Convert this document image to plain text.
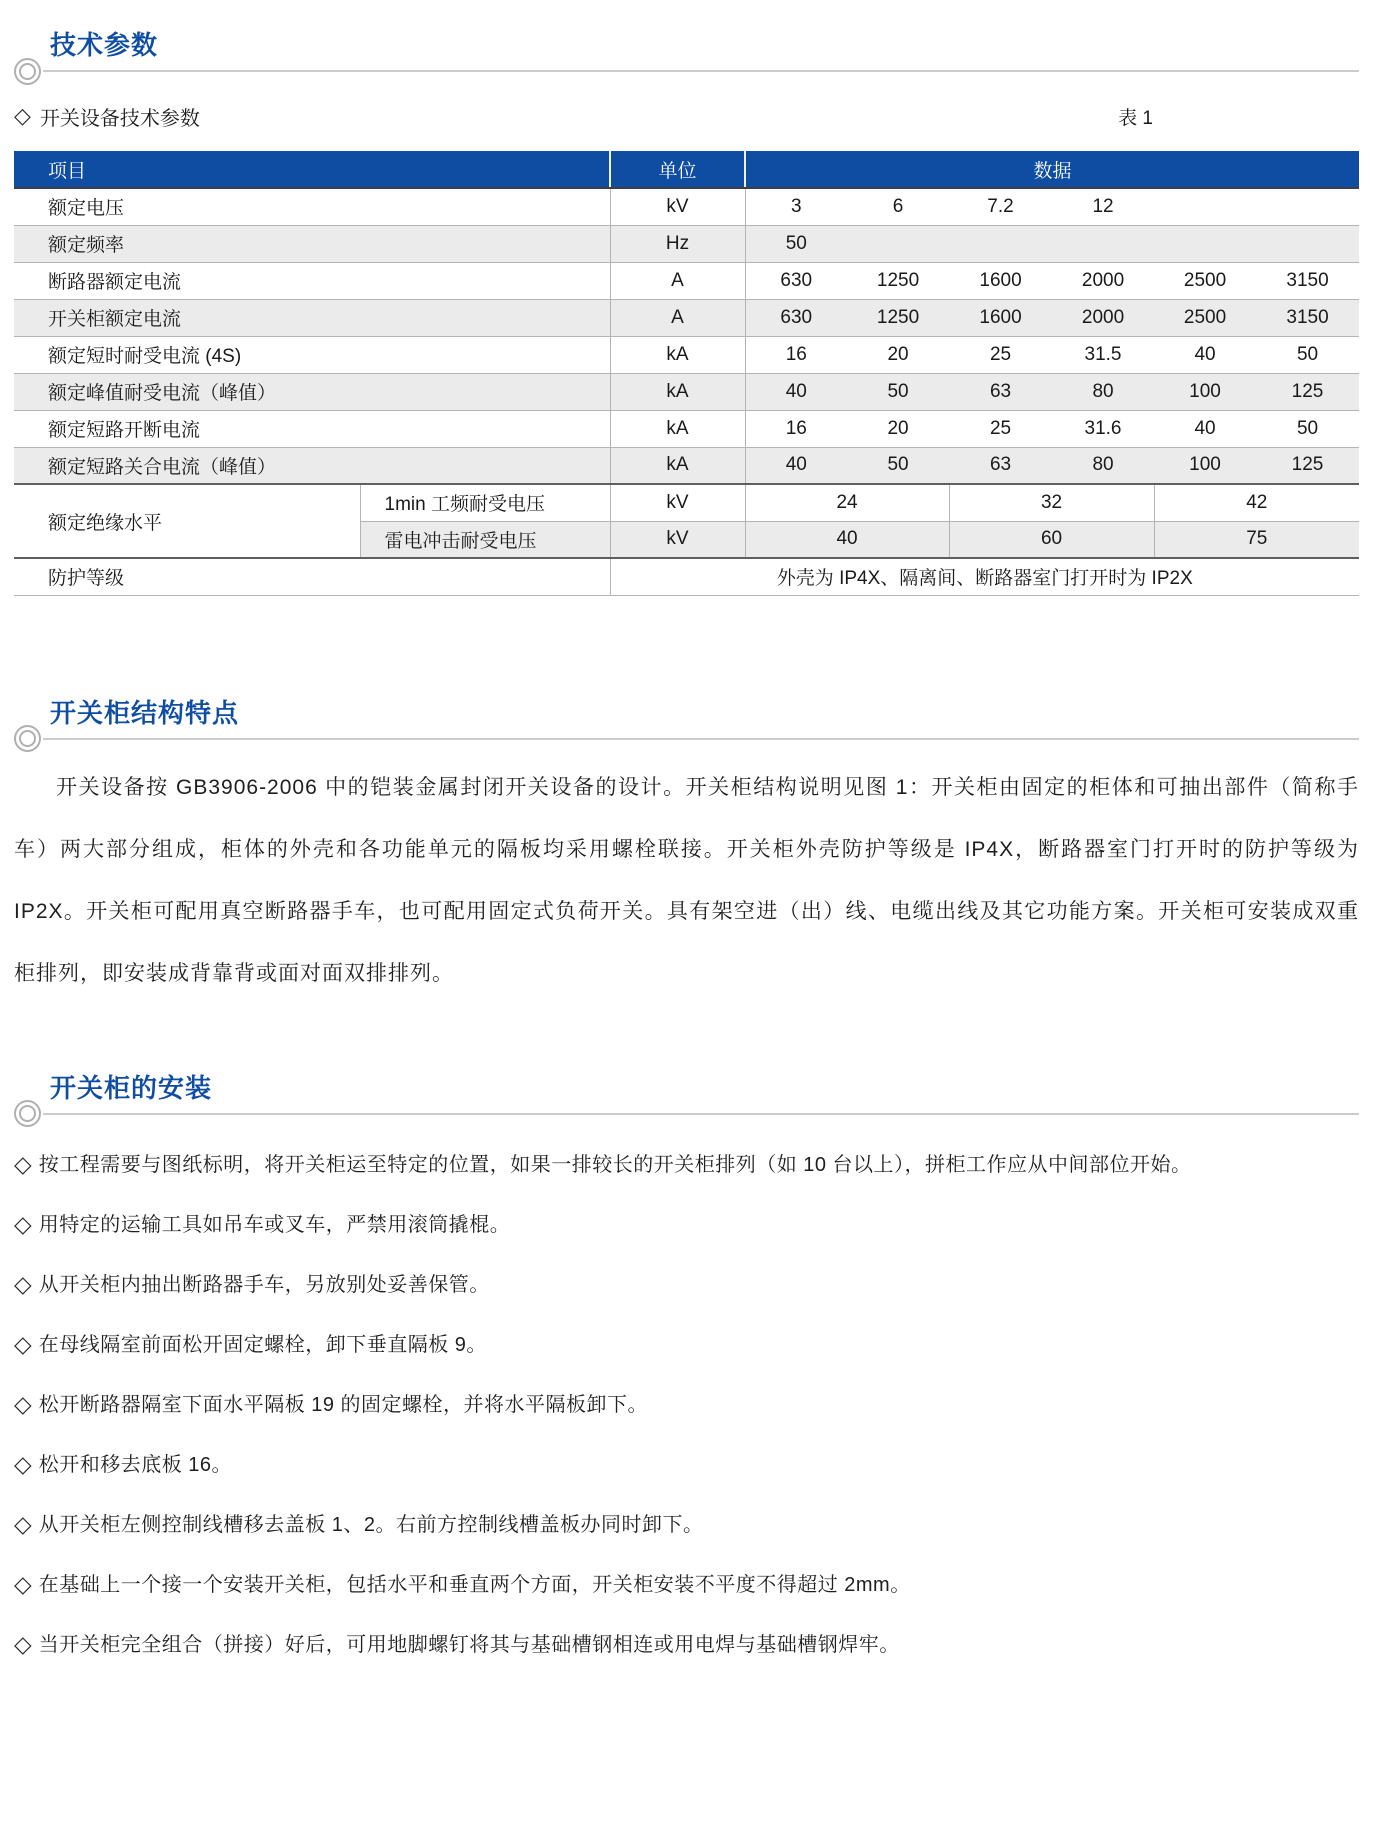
技术参数
◇ 开关设备技术参数	表 1
项目		单位	数据					
额定电压		kV	3	6	7.2	12		
额定频率		Hz	50					
断路器额定电流		A	630	1250	1600	2000	2500	3150
开关柜额定电流		A	630	1250	1600	2000	2500	3150
额定短时耐受电流 (4S)		kA	16	20	25	31.5	40	50
额定峰值耐受电流（峰值）		kA	40	50	63	80	100	125
额定短路开断电流		kA	16	20	25	31.6	40	50
额定短路关合电流（峰值）		kA	40	50	63	80	100	125
额定绝缘水平	1min 工频耐受电压	kV	24		32		42	
	雷电冲击耐受电压	kV	40		60		75	
防护等级		外壳为 IP4X、隔离间、断路器室门打开时为 IP2X						
开关柜结构特点

开关设备按 GB3906-2006 中的铠装金属封闭开关设备的设计。开关柜结构说明见图 1：开关柜由固定的柜体和可抽出部件（简称手车）两大部分组成，柜体的外壳和各功能单元的隔板均采用螺栓联接。开关柜外壳防护等级是 IP4X，断路器室门打开时的防护等级为 IP2X。开关柜可配用真空断路器手车，也可配用固定式负荷开关。具有架空进（出）线、电缆出线及其它功能方案。开关柜可安装成双重柜排列，即安装成背靠背或面对面双排排列。

开关柜的安装
◇ 按工程需要与图纸标明，将开关柜运至特定的位置，如果一排较长的开关柜排列（如 10 台以上），拼柜工作应从中间部位开始。
◇ 用特定的运输工具如吊车或叉车，严禁用滚筒撬棍。
◇ 从开关柜内抽出断路器手车，另放别处妥善保管。
◇ 在母线隔室前面松开固定螺栓，卸下垂直隔板 9。
◇ 松开断路器隔室下面水平隔板 19 的固定螺栓，并将水平隔板卸下。
◇ 松开和移去底板 16。
◇ 从开关柜左侧控制线槽移去盖板 1、2。右前方控制线槽盖板办同时卸下。
◇ 在基础上一个接一个安装开关柜，包括水平和垂直两个方面，开关柜安装不平度不得超过 2mm。
◇ 当开关柜完全组合（拼接）好后，可用地脚螺钉将其与基础槽钢相连或用电焊与基础槽钢焊牢。
